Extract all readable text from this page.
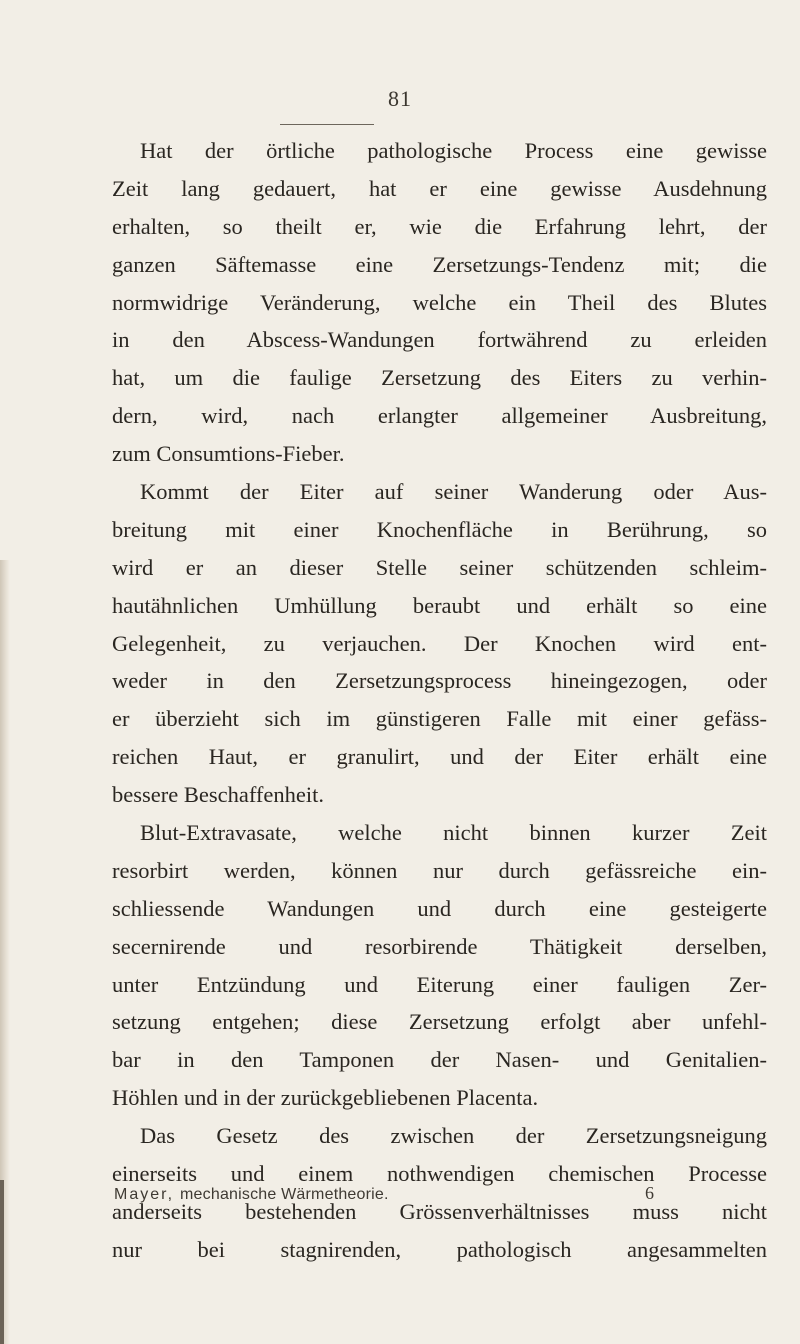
81
Hat der örtliche pathologische Process eine gewisse
Zeit lang gedauert, hat er eine gewisse Ausdehnung
erhalten, so theilt er, wie die Erfahrung lehrt, der
ganzen Säftemasse eine Zersetzungs-Tendenz mit; die
normwidrige Veränderung, welche ein Theil des Blutes
in den Abscess-Wandungen fortwährend zu erleiden
hat, um die faulige Zersetzung des Eiters zu verhin-
dern, wird, nach erlangter allgemeiner Ausbreitung,
zum Consumtions-Fieber.
Kommt der Eiter auf seiner Wanderung oder Aus-
breitung mit einer Knochenfläche in Berührung, so
wird er an dieser Stelle seiner schützenden schleim-
hautähnlichen Umhüllung beraubt und erhält so eine
Gelegenheit, zu verjauchen. Der Knochen wird ent-
weder in den Zersetzungsprocess hineingezogen, oder
er überzieht sich im günstigeren Falle mit einer gefäss-
reichen Haut, er granulirt, und der Eiter erhält eine
bessere Beschaffenheit.
Blut-Extravasate, welche nicht binnen kurzer Zeit
resorbirt werden, können nur durch gefässreiche ein-
schliessende Wandungen und durch eine gesteigerte
secernirende und resorbirende Thätigkeit derselben,
unter Entzündung und Eiterung einer fauligen Zer-
setzung entgehen; diese Zersetzung erfolgt aber unfehl-
bar in den Tamponen der Nasen- und Genitalien-
Höhlen und in der zurückgebliebenen Placenta.
Das Gesetz des zwischen der Zersetzungsneigung
einerseits und einem nothwendigen chemischen Processe
anderseits bestehenden Grössenverhältnisses muss nicht
nur bei stagnirenden, pathologisch angesammelten
Mayer, mechanische Wärmetheorie.	6
